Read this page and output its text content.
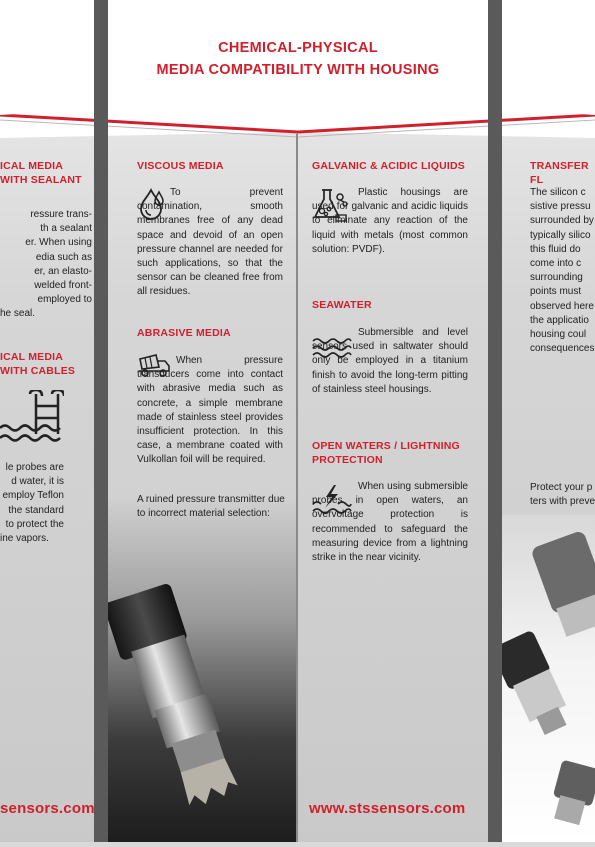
CHEMICAL-PHYSICAL
MEDIA COMPATIBILITY WITH HOUSING
ICAL MEDIA
WITH SEALANT
ressure trans-
th a sealant
er. When using
edia such as
er, an elasto-
welded front-
employed to
he seal.
ICAL MEDIA
WITH CABLES
le probes are
d water, it is
employ Teflon
the standard
to protect the
ine vapors.
sensors.com
VISCOUS MEDIA
To prevent contamination, smooth membranes free of any dead space and devoid of an open pressure channel are needed for such applications, so that the sensor can be cleaned free from all residues.
ABRASIVE MEDIA
When pressure transducers come into contact with abrasive media such as concrete, a simple membrane made of stainless steel provides insufficient protection. In this case, a membrane coated with Vulkollan foil will be required.
A ruined pressure transmitter due to incorrect material selection:
GALVANIC & ACIDIC LIQUIDS
Plastic housings are used for galvanic and acidic liquids to eliminate any reaction of the liquid with metals (most common solution: PVDF).
SEAWATER
Submersible and level sensors used in saltwater should only be employed in a titanium finish to avoid the long-term pitting of stainless steel housings.
OPEN WATERS / LIGHTNING
PROTECTION
When using submersible probes in open waters, an overvoltage protection is recommended to safeguard the measuring device from a lightning strike in the near vicinity.
www.stssensors.com
TRANSFER FL
The silicon c
sistive pressu
surrounded by
typically silico
this fluid do
come into c
surrounding
points must
observed here
the applicatio
housing coul
consequences
Protect your p
ters with preve
